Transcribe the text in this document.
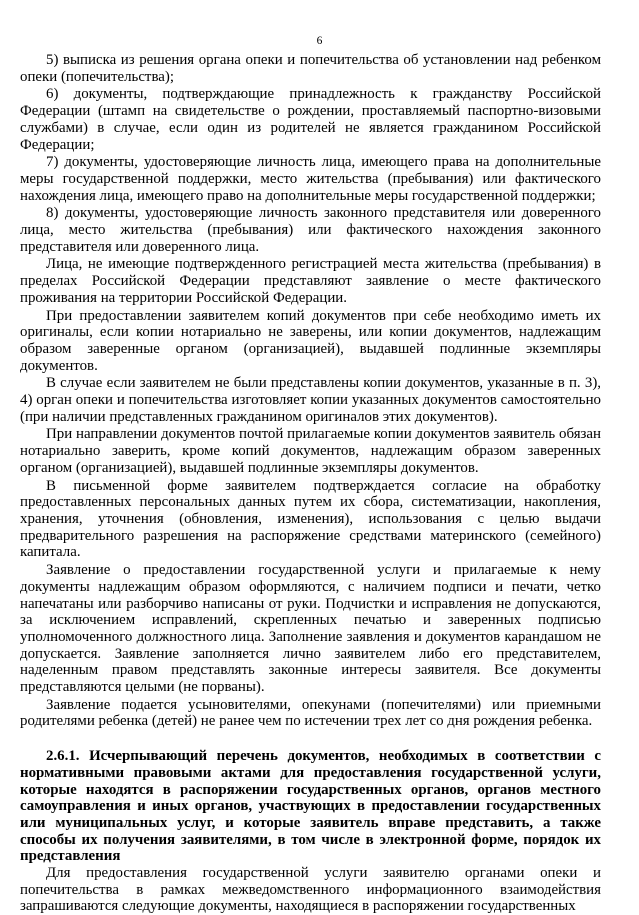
6

5) выписка из решения органа опеки и попечительства об установлении над ребенком опеки (попечительства);

6) документы, подтверждающие принадлежность к гражданству Российской Федерации (штамп на свидетельстве о рождении, проставляемый паспортно-визовыми службами) в случае, если один из родителей не является гражданином Российской Федерации;

7) документы, удостоверяющие личность лица, имеющего права на дополнительные меры государственной поддержки, место жительства (пребывания) или фактического нахождения лица, имеющего право на дополнительные меры государственной поддержки;

8) документы, удостоверяющие личность законного представителя или доверенного лица, место жительства (пребывания) или фактического нахождения законного представителя или доверенного лица.

Лица, не имеющие подтвержденного регистрацией места жительства (пребывания) в пределах Российской Федерации представляют заявление о месте фактического проживания на территории Российской Федерации.

При предоставлении заявителем копий документов при себе необходимо иметь их оригиналы, если копии нотариально не заверены, или копии документов, надлежащим образом заверенные органом (организацией), выдавшей подлинные экземпляры документов.

В случае если заявителем не были представлены копии документов, указанные в п. 3), 4) орган опеки и попечительства изготовляет копии указанных документов самостоятельно (при наличии представленных гражданином оригиналов этих документов).

При направлении документов почтой прилагаемые копии документов заявитель обязан нотариально заверить, кроме копий документов, надлежащим образом заверенных органом (организацией), выдавшей подлинные экземпляры документов.

В письменной форме заявителем подтверждается согласие на обработку предоставленных персональных данных путем их сбора, систематизации, накопления, хранения, уточнения (обновления, изменения), использования с целью выдачи предварительного разрешения на распоряжение средствами материнского (семейного) капитала.

Заявление о предоставлении государственной услуги и прилагаемые к нему документы надлежащим образом оформляются, с наличием подписи и печати, четко напечатаны или разборчиво написаны от руки. Подчистки и исправления не допускаются, за исключением исправлений, скрепленных печатью и заверенных подписью уполномоченного должностного лица. Заполнение заявления и документов карандашом не допускается. Заявление заполняется лично заявителем либо его представителем, наделенным правом представлять законные интересы заявителя. Все документы представляются целыми (не порваны).

Заявление подается усыновителями, опекунами (попечителями) или приемными родителями ребенка (детей) не ранее чем по истечении трех лет со дня рождения ребенка.

2.6.1. Исчерпывающий перечень документов, необходимых в соответствии с нормативными правовыми актами для предоставления государственной услуги, которые находятся в распоряжении государственных органов, органов местного самоуправления и иных органов, участвующих в предоставлении государственных или муниципальных услуг, и которые заявитель вправе представить, а также способы их получения заявителями, в том числе в электронной форме, порядок их представления

Для предоставления государственной услуги заявителю органами опеки и попечительства в рамках межведомственного информационного взаимодействия запрашиваются следующие документы, находящиеся в распоряжении государственных
